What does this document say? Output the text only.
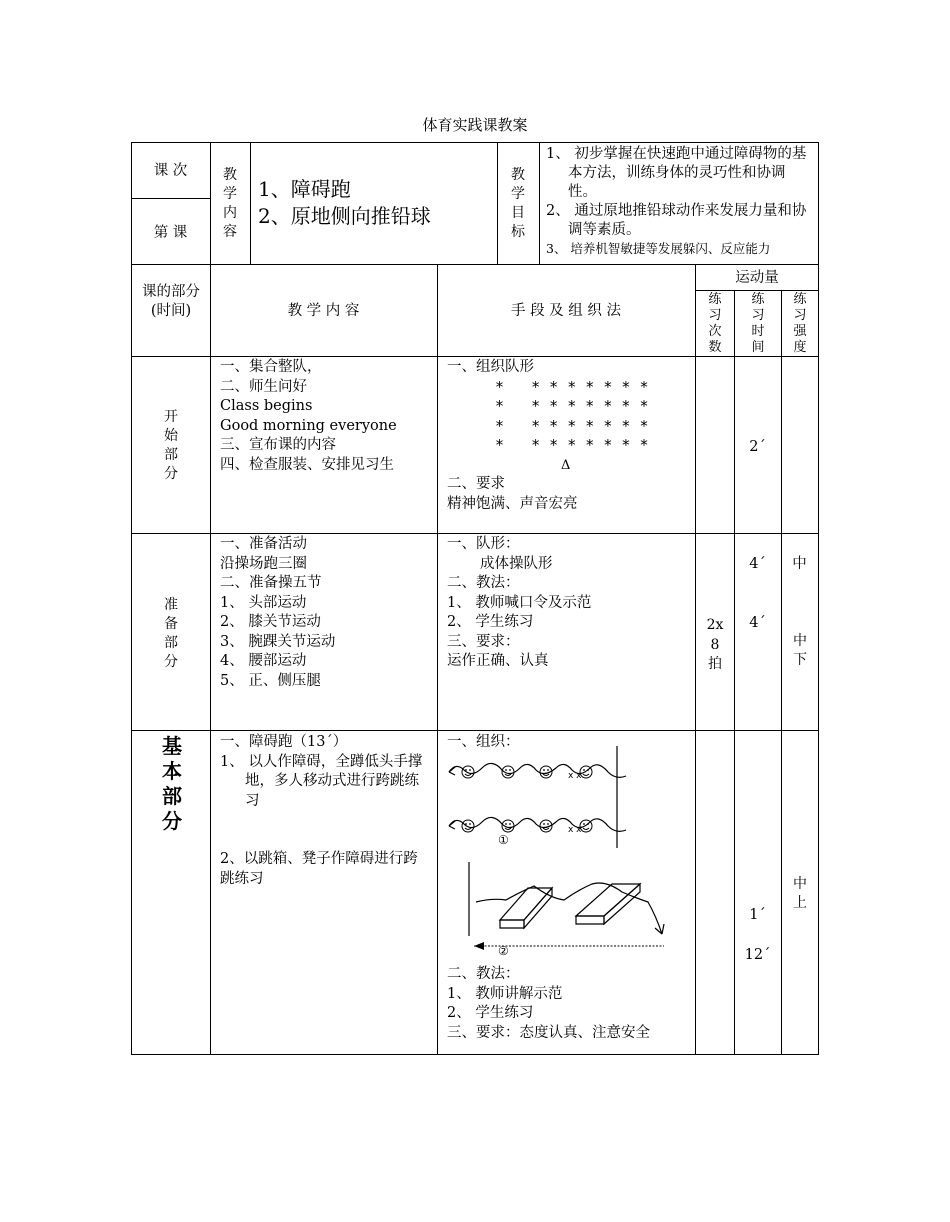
体育实践课教案
课 次
第 课
教学内容
1、障碍跑
2、原地侧向推铅球
教学目标
1、 初步掌握在快速跑中通过障碍物的基本方法，训练身体的灵巧性和协调性。
2、 通过原地推铅球动作来发展力量和协调等素质。
3、 培养机智敏捷等发展躲闪、反应能力
课的部分(时间)	教 学 内 容	手 段 及 组 织 法
运动量
练习次数
练习时间
练习强度
开始部分
一、集合整队，
二、师生问好
Class begins
Good morning everyone
三、宣布课的内容
四、检查服装、安排见习生
一、组织队形
*   * * * * * * *
*   * * * * * * *
*   * * * * * * *
*   * * * * * * *
Δ
二、要求
精神饱满、声音宏亮
2´
准备部分
一、准备活动
沿操场跑三圈
二、准备操五节
1、 头部运动
2、 膝关节运动
3、 腕踝关节运动
4、 腰部运动
5、 正、侧压腿
一、队形：
成体操队形
二、教法：
1、 教师喊口令及示范
2、 学生练习
三、要求：
运作正确、认真
2x8拍
4´
4´
中
中下
基本部分
一、障碍跑（13´）
1、 以人作障碍，全蹲低头手撑地，多人移动式进行跨跳练习
2、以跳箱、凳子作障碍进行跨跳练习
一、组织：
x x
x x
①
②
二、教法：
1、 教师讲解示范
2、 学生练习
三、要求：态度认真、注意安全
1´
12´
中上
